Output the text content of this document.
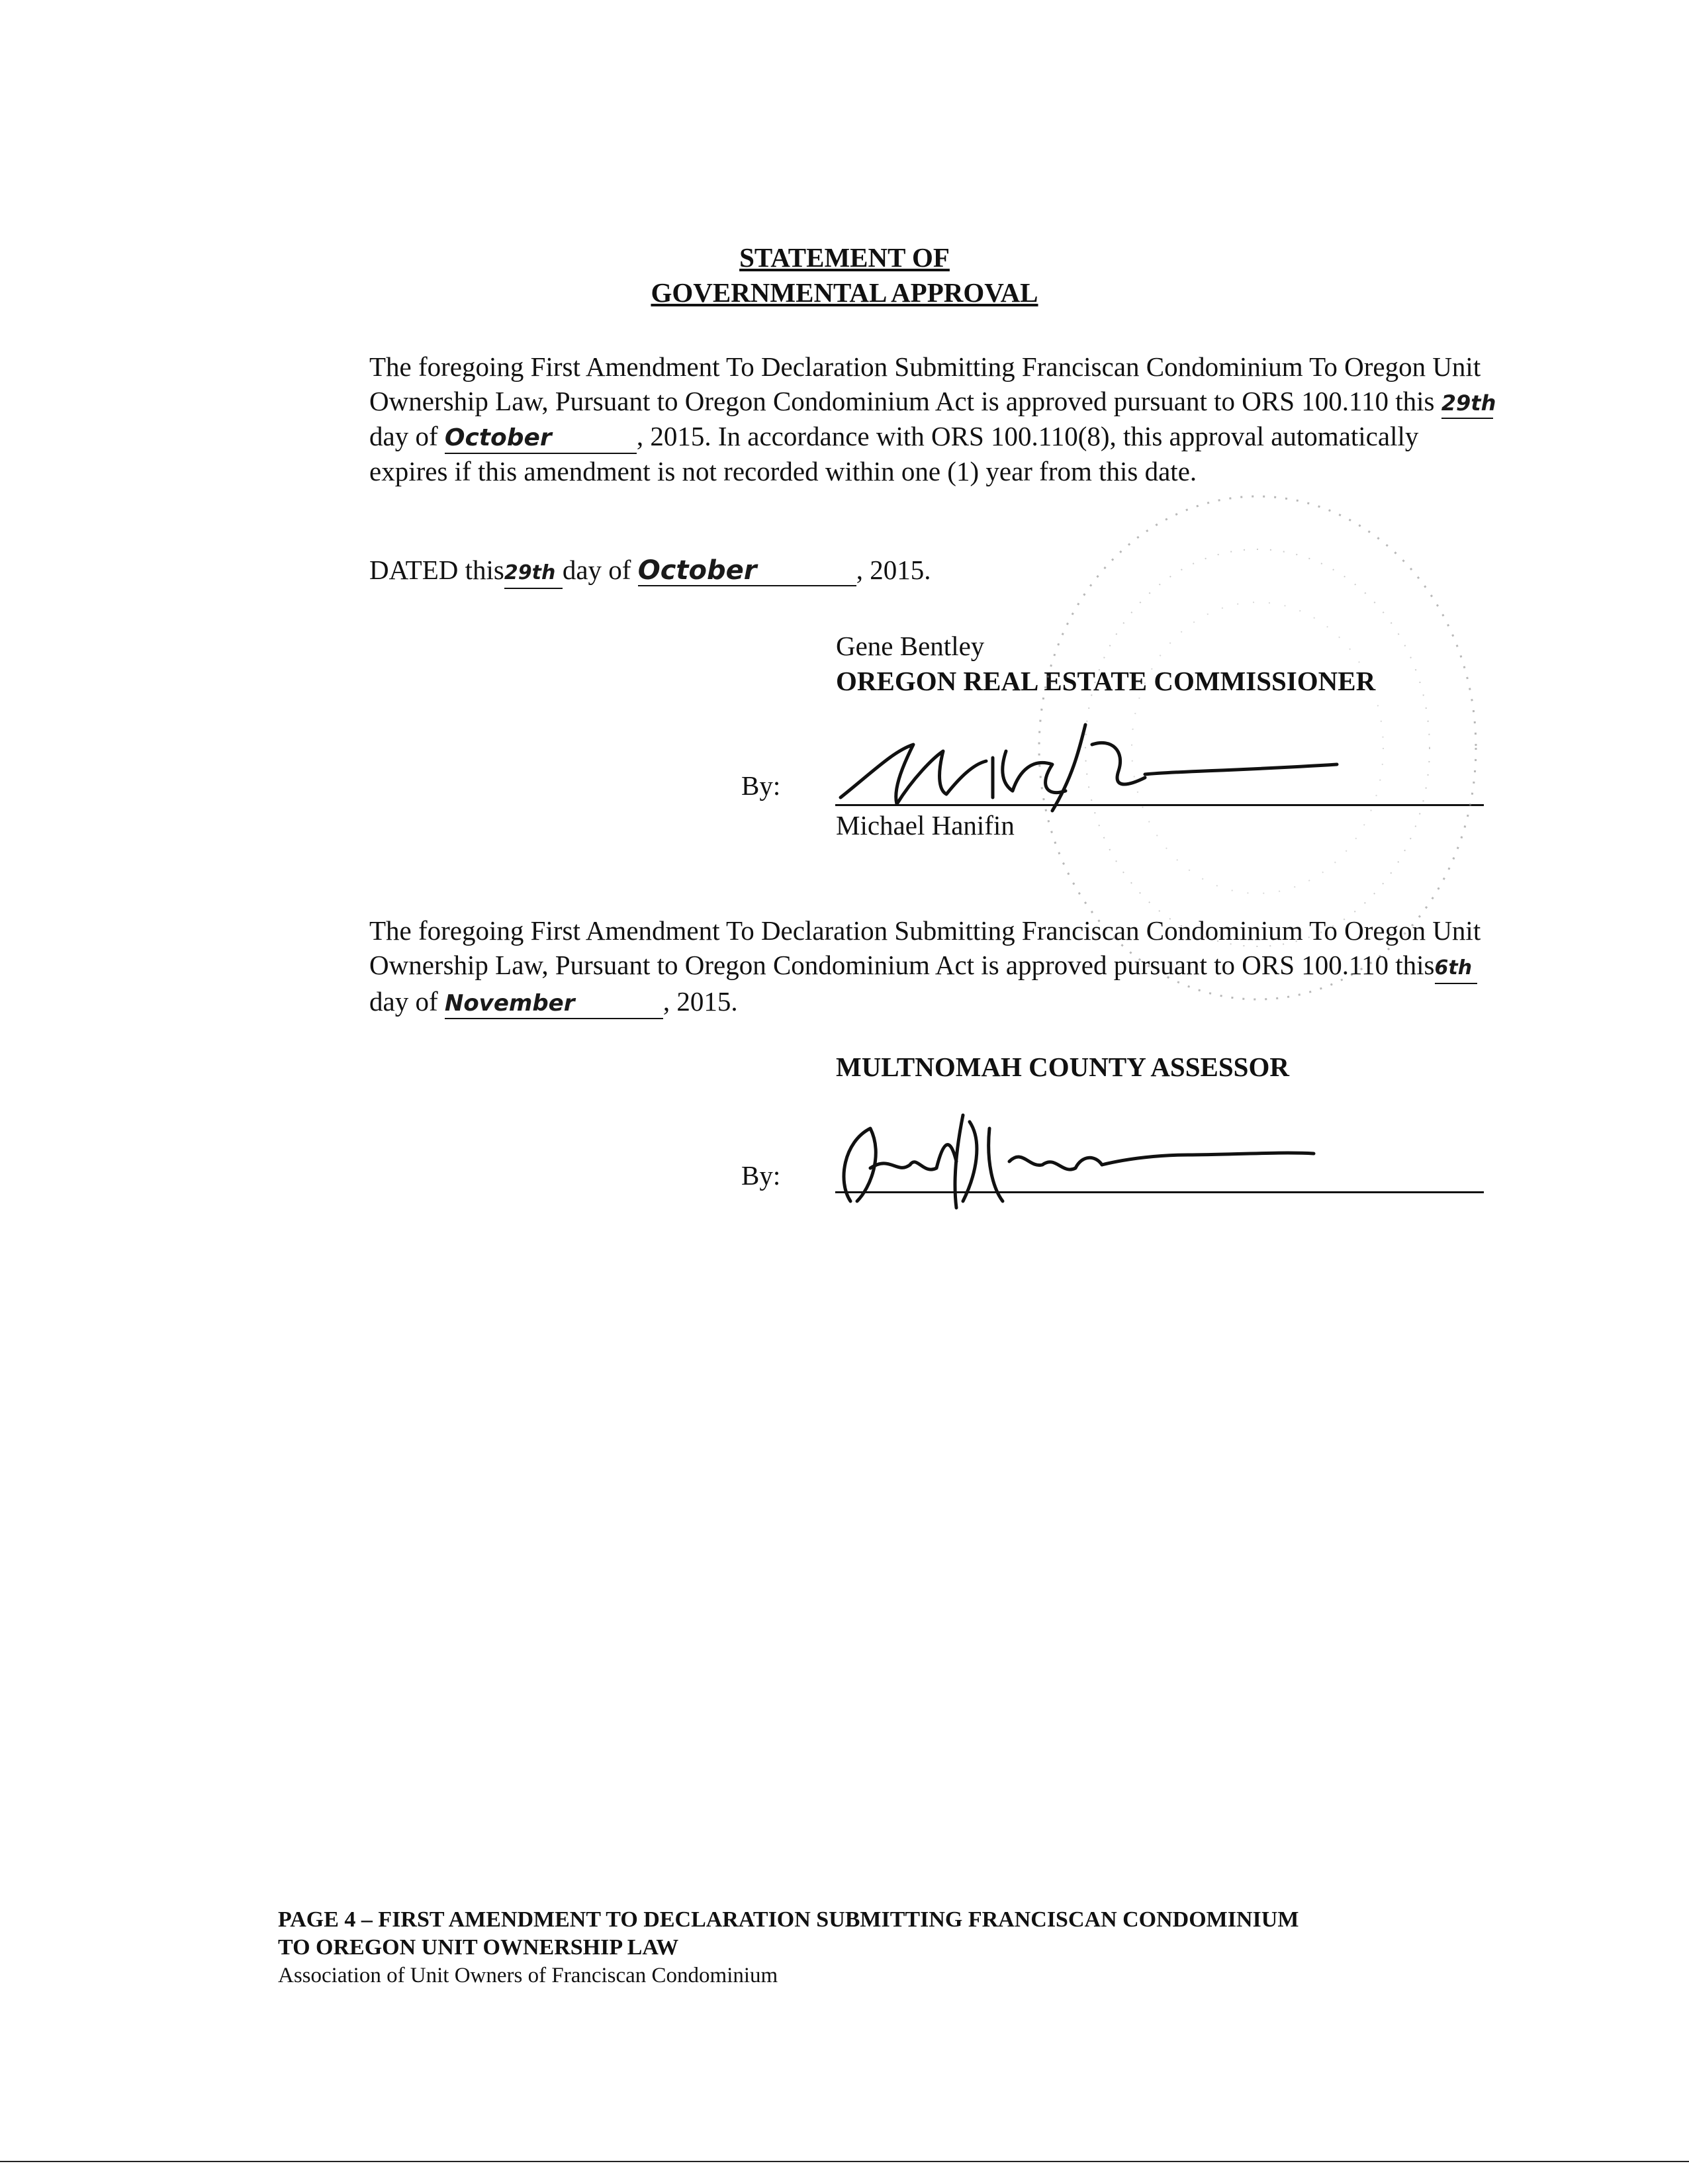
STATEMENT OF
GOVERNMENTAL APPROVAL

The foregoing First Amendment To Declaration Submitting Franciscan Condominium To Oregon Unit Ownership Law, Pursuant to Oregon Condominium Act is approved pursuant to ORS 100.110 this 29thday of October	, 2015. In accordance with ORS 100.110(8), this approval automatically expires if this amendment is not recorded within one (1) year from this date.

DATED this29th day of October	, 2015.
Gene Bentley
OREGON REAL ESTATE COMMISSIONER
By:
Michael Hanifin

The foregoing First Amendment To Declaration Submitting Franciscan Condominium To Oregon Unit Ownership Law, Pursuant to Oregon Condominium Act is approved pursuant to ORS 100.110 this6th day of November	, 2015.

MULTNOMAH COUNTY ASSESSOR
By:
PAGE 4 – FIRST AMENDMENT TO DECLARATION SUBMITTING FRANCISCAN CONDOMINIUM
TO OREGON UNIT OWNERSHIP LAW
Association of Unit Owners of Franciscan Condominium
